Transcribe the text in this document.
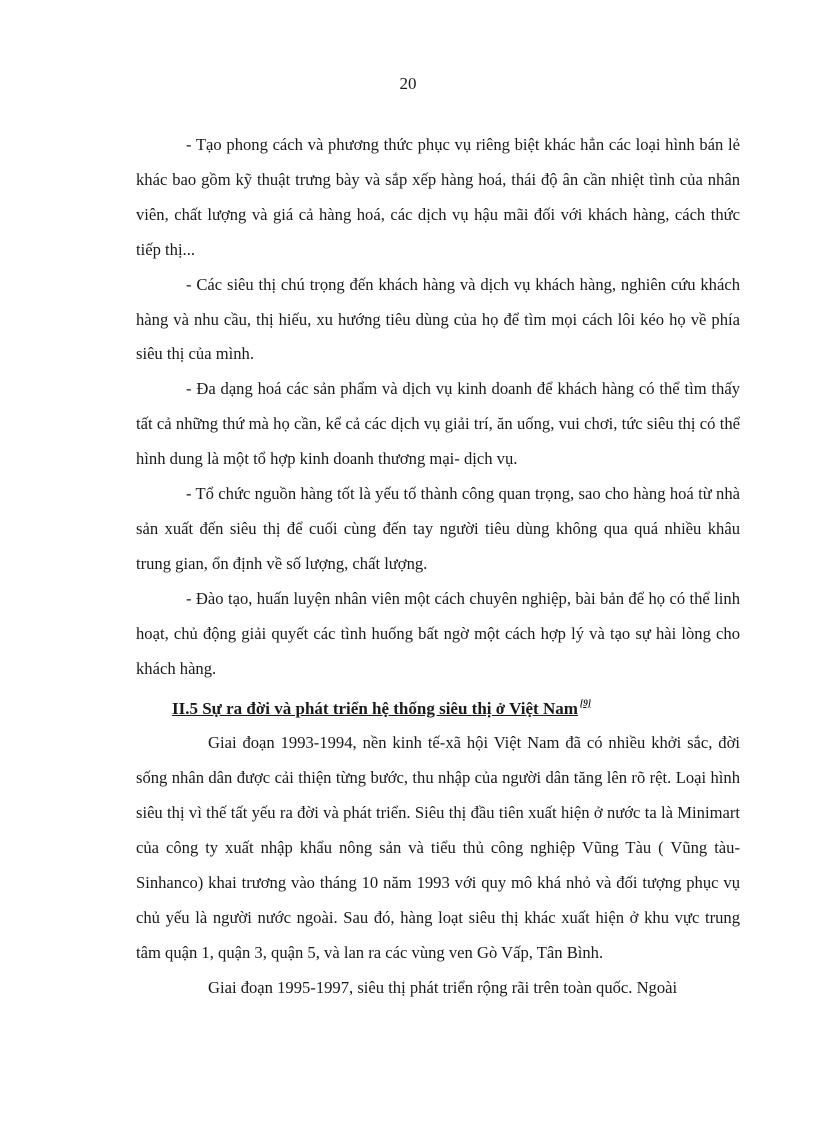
20

- Tạo phong cách và phương thức phục vụ riêng biệt khác hẳn các loại hình bán lẻ khác bao gồm kỹ thuật trưng bày và sắp xếp hàng hoá, thái độ ân cần nhiệt tình của nhân viên, chất lượng và giá cả hàng hoá, các dịch vụ hậu mãi đối với khách hàng, cách thức tiếp thị...

- Các siêu thị chú trọng đến khách hàng và dịch vụ khách hàng, nghiên cứu khách hàng và nhu cầu, thị hiếu, xu hướng tiêu dùng của họ để tìm mọi cách lôi kéo họ về phía siêu thị của mình.

- Đa dạng hoá các sản phẩm và dịch vụ kinh doanh để khách hàng có thể tìm thấy tất cả những thứ mà họ cần, kể cả các dịch vụ giải trí, ăn uống, vui chơi, tức siêu thị có thể hình dung là một tổ hợp kinh doanh thương mại- dịch vụ.

- Tổ chức nguồn hàng tốt là yếu tố thành công quan trọng, sao cho hàng hoá từ nhà sản xuất đến siêu thị để cuối cùng đến tay người tiêu dùng không qua quá nhiều khâu trung gian, ổn định về số lượng, chất lượng.

- Đào tạo, huấn luyện nhân viên một cách chuyên nghiệp, bài bản để họ có thể linh hoạt, chủ động giải quyết các tình huống bất ngờ một cách hợp lý và tạo sự hài lòng cho khách hàng.

II.5 Sự ra đời và phát triển hệ thống siêu thị ở Việt Nam [9]

Giai đoạn 1993-1994, nền kinh tế-xã hội Việt Nam đã có nhiều khởi sắc, đời sống nhân dân được cải thiện từng bước, thu nhập của người dân tăng lên rõ rệt. Loại hình siêu thị vì thế tất yếu ra đời và phát triển. Siêu thị đầu tiên xuất hiện ở nước ta là Minimart của công ty xuất nhập khẩu nông sản và tiểu thủ công nghiệp Vũng Tàu ( Vũng tàu- Sinhanco) khai trương vào tháng 10 năm 1993 với quy mô khá nhỏ và đối tượng phục vụ chủ yếu là người nước ngoài. Sau đó, hàng loạt siêu thị khác xuất hiện ở khu vực trung tâm quận 1, quận 3, quận 5, và lan ra các vùng ven Gò Vấp, Tân Bình.

Giai đoạn 1995-1997, siêu thị phát triển rộng rãi trên toàn quốc. Ngoài
